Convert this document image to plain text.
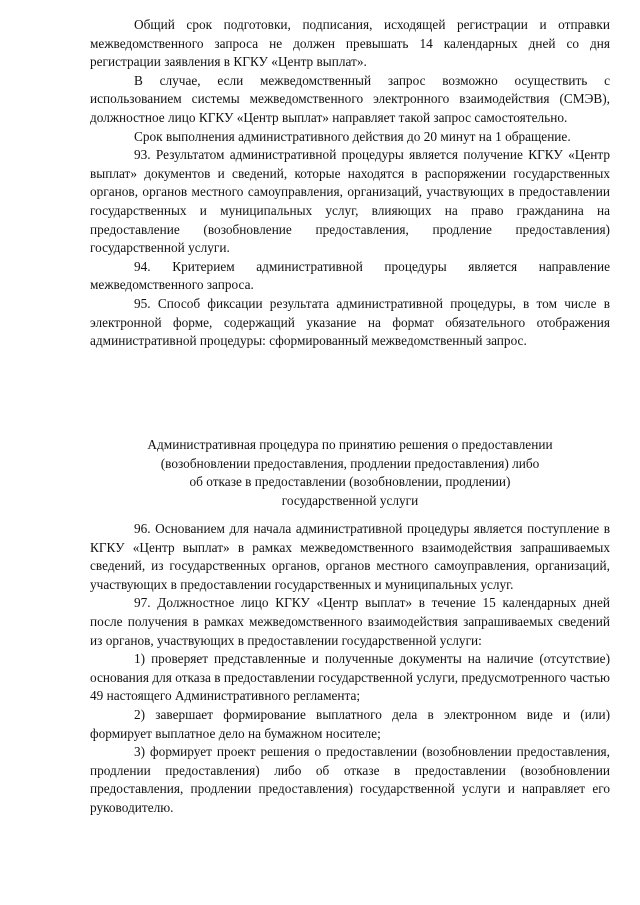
Общий срок подготовки, подписания, исходящей регистрации и отправки межведомственного запроса не должен превышать 14 календарных дней со дня регистрации заявления в КГКУ «Центр выплат».

В случае, если межведомственный запрос возможно осуществить с использованием системы межведомственного электронного взаимодействия (СМЭВ), должностное лицо КГКУ «Центр выплат» направляет такой запрос самостоятельно.

Срок выполнения административного действия до 20 минут на 1 обращение.

93. Результатом административной процедуры является получение КГКУ «Центр выплат» документов и сведений, которые находятся в распоряжении государственных органов, органов местного самоуправления, организаций, участвующих в предоставлении государственных и муниципальных услуг, влияющих на право гражданина на предоставление (возобновление предоставления, продление предоставления) государственной услуги.

94. Критерием административной процедуры является направление межведомственного запроса.

95. Способ фиксации результата административной процедуры, в том числе в электронной форме, содержащий указание на формат обязательного отображения административной процедуры: сформированный межведомственный запрос.

Административная процедура по принятию решения о предоставлении
(возобновлении предоставления, продлении предоставления) либо
об отказе в предоставлении (возобновлении, продлении)
государственной услуги

96. Основанием для начала административной процедуры является поступление в КГКУ «Центр выплат» в рамках межведомственного взаимодействия запрашиваемых сведений, из государственных органов, органов местного самоуправления, организаций, участвующих в предоставлении государственных и муниципальных услуг.

97. Должностное лицо КГКУ «Центр выплат» в течение 15 календарных дней после получения в рамках межведомственного взаимодействия запрашиваемых сведений из органов, участвующих в предоставлении государственной услуги:

1) проверяет представленные и полученные документы на наличие (отсутствие) основания для отказа в предоставлении государственной услуги, предусмотренного частью 49 настоящего Административного регламента;

2) завершает формирование выплатного дела в электронном виде и (или) формирует выплатное дело на бумажном носителе;

3) формирует проект решения о предоставлении (возобновлении предоставления, продлении предоставления) либо об отказе в предоставлении (возобновлении предоставления, продлении предоставления) государственной услуги и направляет его руководителю.
